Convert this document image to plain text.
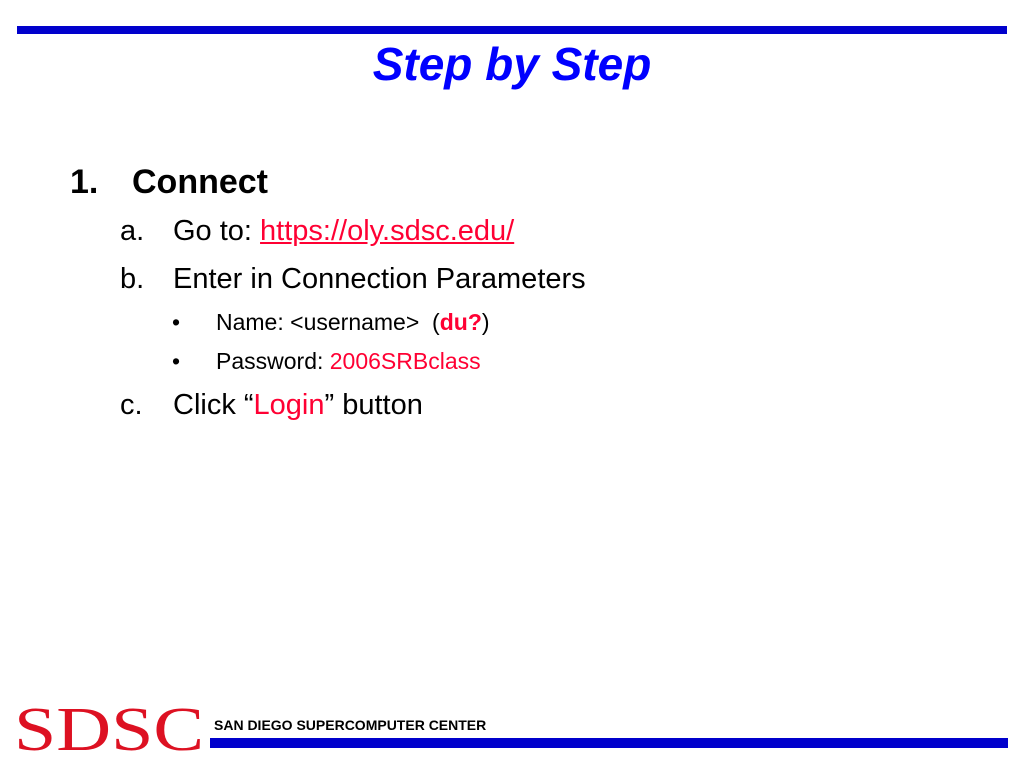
Step by Step
1. Connect
a. Go to: https://oly.sdsc.edu/
b. Enter in Connection Parameters
• Name: <username>  (du?)
• Password: 2006SRBclass
c. Click “Login” button
SDSC SAN DIEGO SUPERCOMPUTER CENTER
